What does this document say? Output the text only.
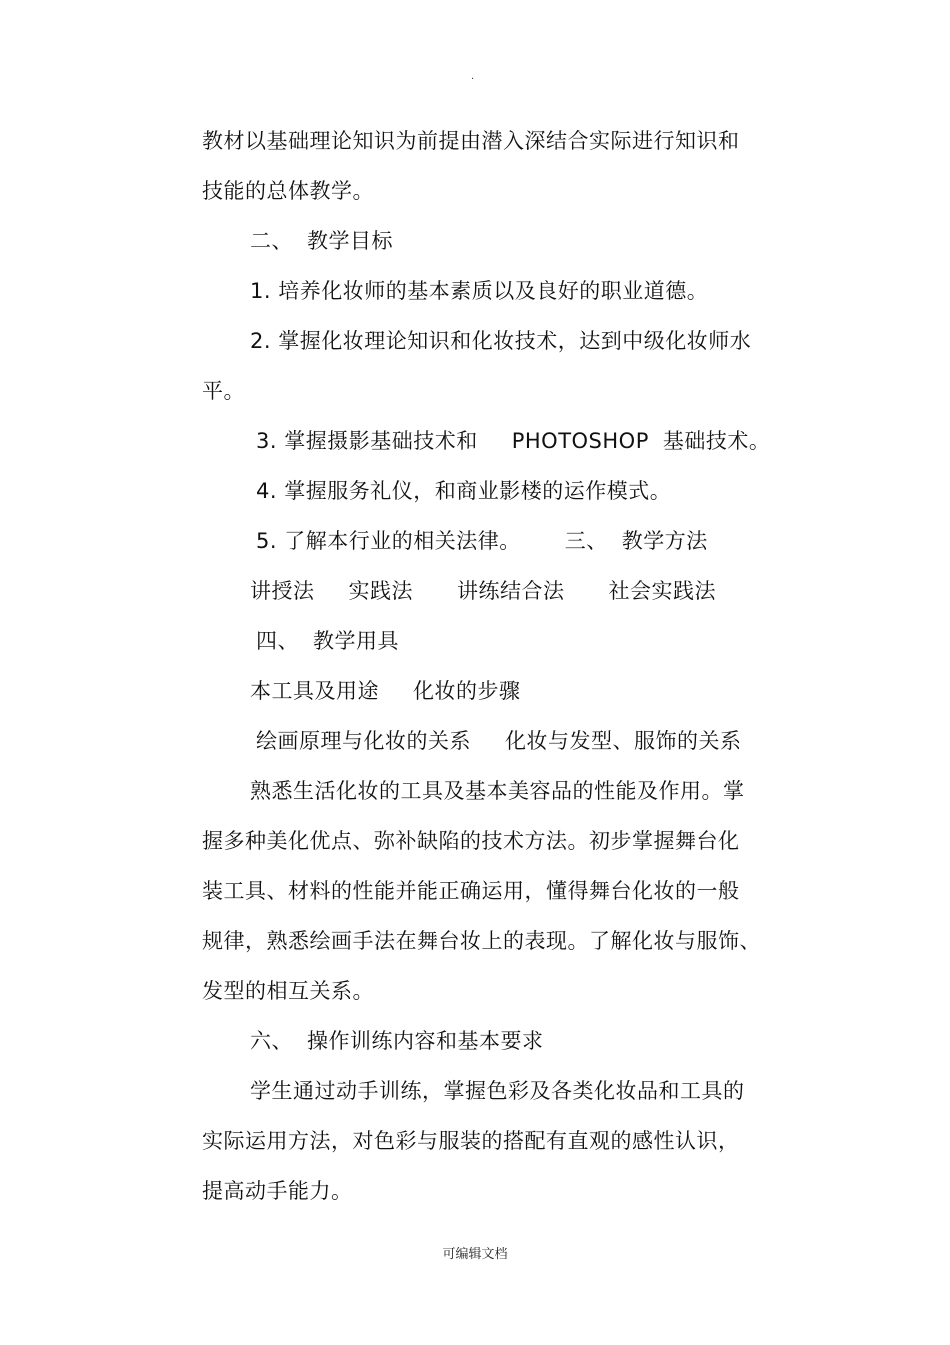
.
教材以基础理论知识为前提由潜入深结合实际进行知识和
技能的总体教学。
二、 教学目标
1. 培养化妆师的基本素质以及良好的职业道德。
2. 掌握化妆理论知识和化妆技术，达到中级化妆师水
平。
3. 掌握摄影基础技术和 PHOTOSHOP 基础技术。
4. 掌握服务礼仪，和商业影楼的运作模式。
5. 了解本行业的相关法律。 三、 教学方法
讲授法 实践法 讲练结合法 社会实践法
四、 教学用具
本工具及用途 化妆的步骤
绘画原理与化妆的关系 化妆与发型、服饰的关系
熟悉生活化妆的工具及基本美容品的性能及作用。掌
握多种美化优点、弥补缺陷的技术方法。初步掌握舞台化
装工具、材料的性能并能正确运用，懂得舞台化妆的一般
规律，熟悉绘画手法在舞台妆上的表现。了解化妆与服饰、
发型的相互关系。
六、 操作训练内容和基本要求
学生通过动手训练，掌握色彩及各类化妆品和工具的
实际运用方法，对色彩与服装的搭配有直观的感性认识，
提高动手能力。
可编辑文档
